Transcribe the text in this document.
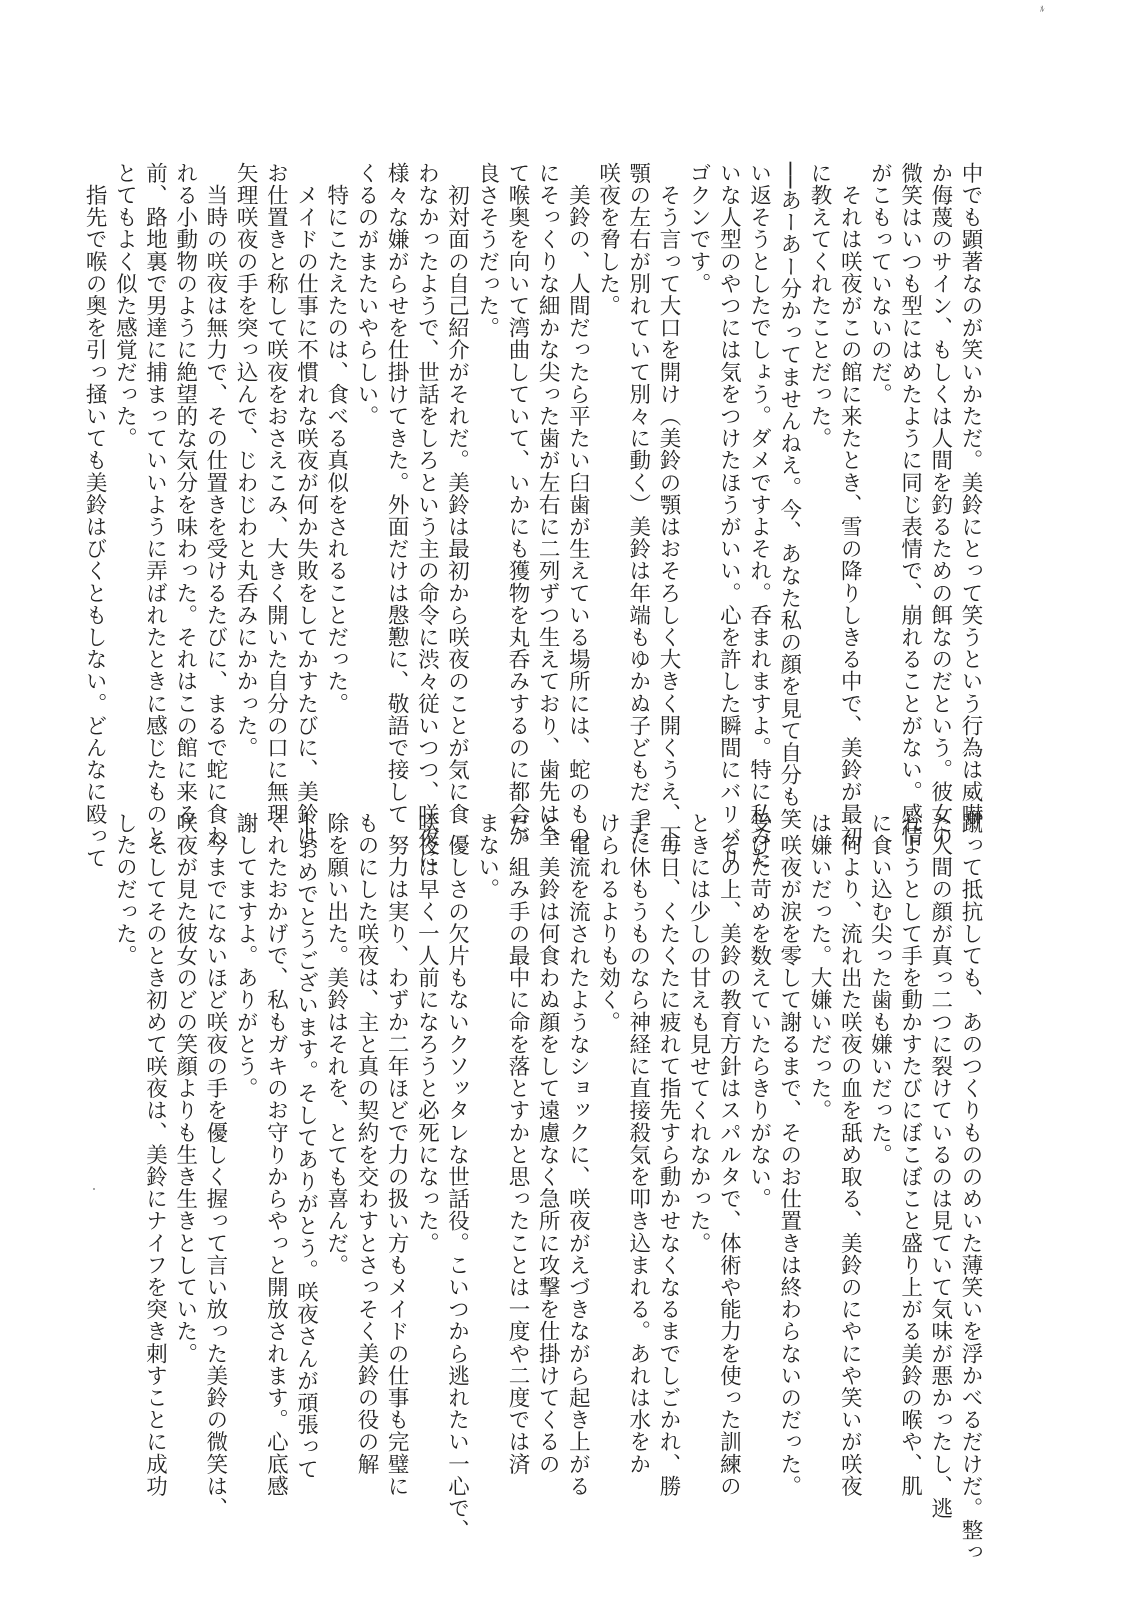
ﾙ
中でも顕著なのが笑いかただ。美鈴にとって笑うという行為は威嚇
か侮蔑のサイン、もしくは人間を釣るための餌なのだという。彼女の
微笑はいつも型にはめたように同じ表情で、崩れることがない。感情
がこもっていないのだ。
　それは咲夜がこの館に来たとき、雪の降りしきる中で、美鈴が最初
に教えてくれたことだった。
──あーあー分かってませんねえ。今、あなた私の顔を見て自分も笑
い返そうとしたでしょう。ダメですよそれ。呑まれますよ。特に私みた
いな人型のやつには気をつけたほうがいい。心を許した瞬間にバリバリ
ゴクンです。
　そう言って大口を開け（美鈴の顎はおそろしく大きく開くうえ、下
顎の左右が別れていて別々に動く）美鈴は年端もゆかぬ子どもだった
咲夜を脅した。
　美鈴の、人間だったら平たい臼歯が生えている場所には、蛇のもの
にそっくりな細かな尖った歯が左右に二列ずつ生えており、歯先は全
て喉奥を向いて湾曲していて、いかにも獲物を丸呑みするのに都合が
良さそうだった。
　初対面の自己紹介がそれだ。美鈴は最初から咲夜のことが気に食
わなかったようで、世話をしろという主の命令に渋々従いつつ、咲夜に
様々な嫌がらせを仕掛けてきた。外面だけは慇懃に、敬語で接して
くるのがまたいやらしい。
　特にこたえたのは、食べる真似をされることだった。
　メイドの仕事に不慣れな咲夜が何か失敗をしてかすたびに、美鈴は
お仕置きと称して咲夜をおさえこみ、大きく開いた自分の口に無理
矢理咲夜の手を突っ込んで、じわじわと丸呑みにかかった。
　当時の咲夜は無力で、その仕置きを受けるたびに、まるで蛇に食わ
れる小動物のように絶望的な気分を味わった。それはこの館に来る
前、路地裏で男達に捕まっていいように弄ばれたときに感じたものと、
とてもよく似た感覚だった。
　指先で喉の奥を引っ掻いても美鈴はびくともしない。どんなに殴って
蹴って抵抗しても、あのつくりもののめいた薄笑いを浮かべるだけだ。整っ
た人間の顔が真っ二つに裂けているのは見ていて気味が悪かったし、逃
れようとして手を動かすたびにぼこぼこと盛り上がる美鈴の喉や、肌
に食い込む尖った歯も嫌いだった。
　何より、流れ出た咲夜の血を舐め取る、美鈴のにやにや笑いが咲夜
は嫌いだった。大嫌いだった。
　咲夜が涙を零して謝るまで、そのお仕置きは終わらないのだった。
受けた苛めを数えていたらきりがない。
　その上、美鈴の教育方針はスパルタで、体術や能力を使った訓練の
ときには少しの甘えも見せてくれなかった。
　毎日、くたくたに疲れて指先すら動かせなくなるまでしごかれ、勝
手に休もうものなら神経に直接殺気を叩き込まれる。あれは水をか
けられるよりも効く。
　電流を流されたようなショックに、咲夜がえづきながら起き上がる
と、美鈴は何食わぬ顔をして遠慮なく急所に攻撃を仕掛けてくるの
だ。組み手の最中に命を落とすかと思ったことは一度や二度では済
まない。
　優しさの欠片もないクソッタレな世話役。こいつから逃れたい一心で、
咲夜は早く一人前になろうと必死になった。
　努力は実り、わずか二年ほどで力の扱い方もメイドの仕事も完璧に
ものにした咲夜は、主と真の契約を交わすとさっそく美鈴の役の解
除を願い出た。美鈴はそれを、とても喜んだ。
──おめでとうございます。そしてありがとう。咲夜さんが頑張って
くれたおかげで、私もガキのお守りからやっと開放されます。心底感
謝してますよ。ありがとう。
　今までにないほど咲夜の手を優しく握って言い放った美鈴の微笑は、
咲夜が見た彼女のどの笑顔よりも生き生きとしていた。
　そしてそのとき初めて咲夜は、美鈴にナイフを突き刺すことに成功
したのだった。
